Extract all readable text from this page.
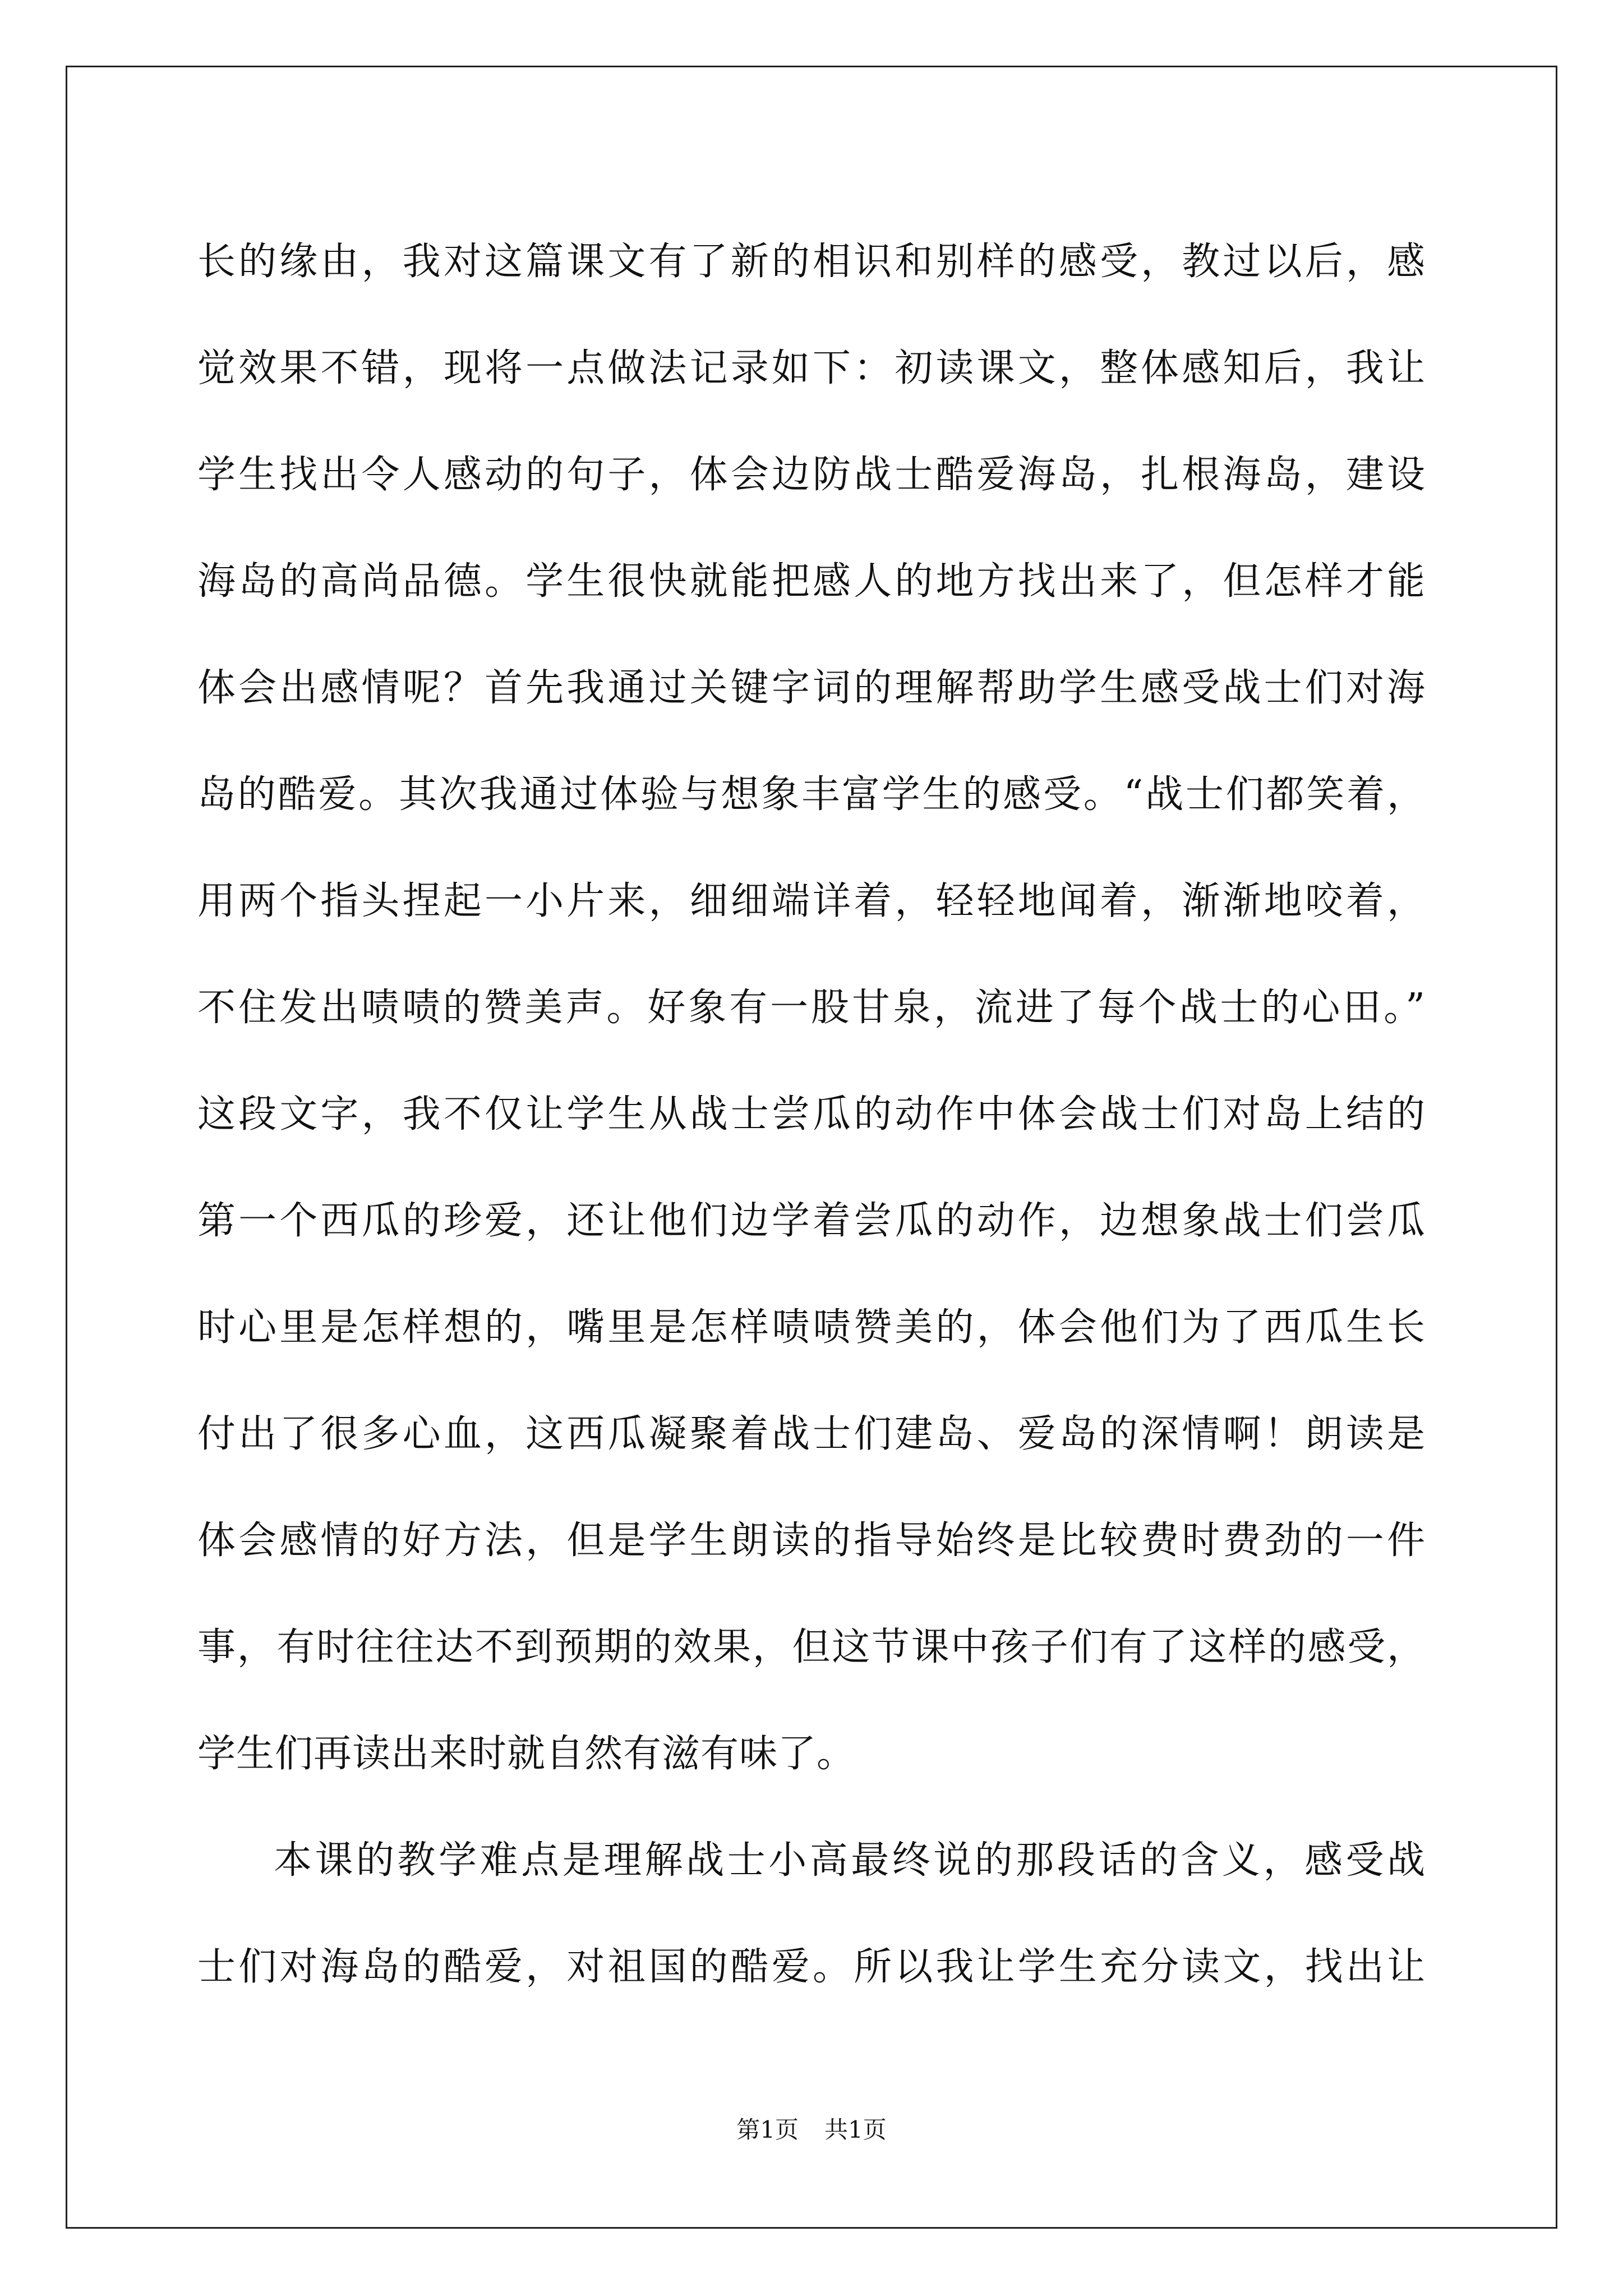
长的缘由，我对这篇课文有了新的相识和别样的感受，教过以后，感
觉效果不错，现将一点做法记录如下：初读课文，整体感知后，我让
学生找出令人感动的句子，体会边防战士酷爱海岛，扎根海岛，建设
海岛的高尚品德。学生很快就能把感人的地方找出来了，但怎样才能
体会出感情呢？首先我通过关键字词的理解帮助学生感受战士们对海
岛的酷爱。其次我通过体验与想象丰富学生的感受。“战士们都笑着，
用两个指头捏起一小片来，细细端详着，轻轻地闻着，渐渐地咬着，
不住发出啧啧的赞美声。好象有一股甘泉，流进了每个战士的心田。”
这段文字，我不仅让学生从战士尝瓜的动作中体会战士们对岛上结的
第一个西瓜的珍爱，还让他们边学着尝瓜的动作，边想象战士们尝瓜
时心里是怎样想的，嘴里是怎样啧啧赞美的，体会他们为了西瓜生长
付出了很多心血，这西瓜凝聚着战士们建岛、爱岛的深情啊！朗读是
体会感情的好方法，但是学生朗读的指导始终是比较费时费劲的一件
事，有时往往达不到预期的效果，但这节课中孩子们有了这样的感受，
学生们再读出来时就自然有滋有味了。
本课的教学难点是理解战士小高最终说的那段话的含义，感受战
士们对海岛的酷爱，对祖国的酷爱。所以我让学生充分读文，找出让
第1页 共1页
